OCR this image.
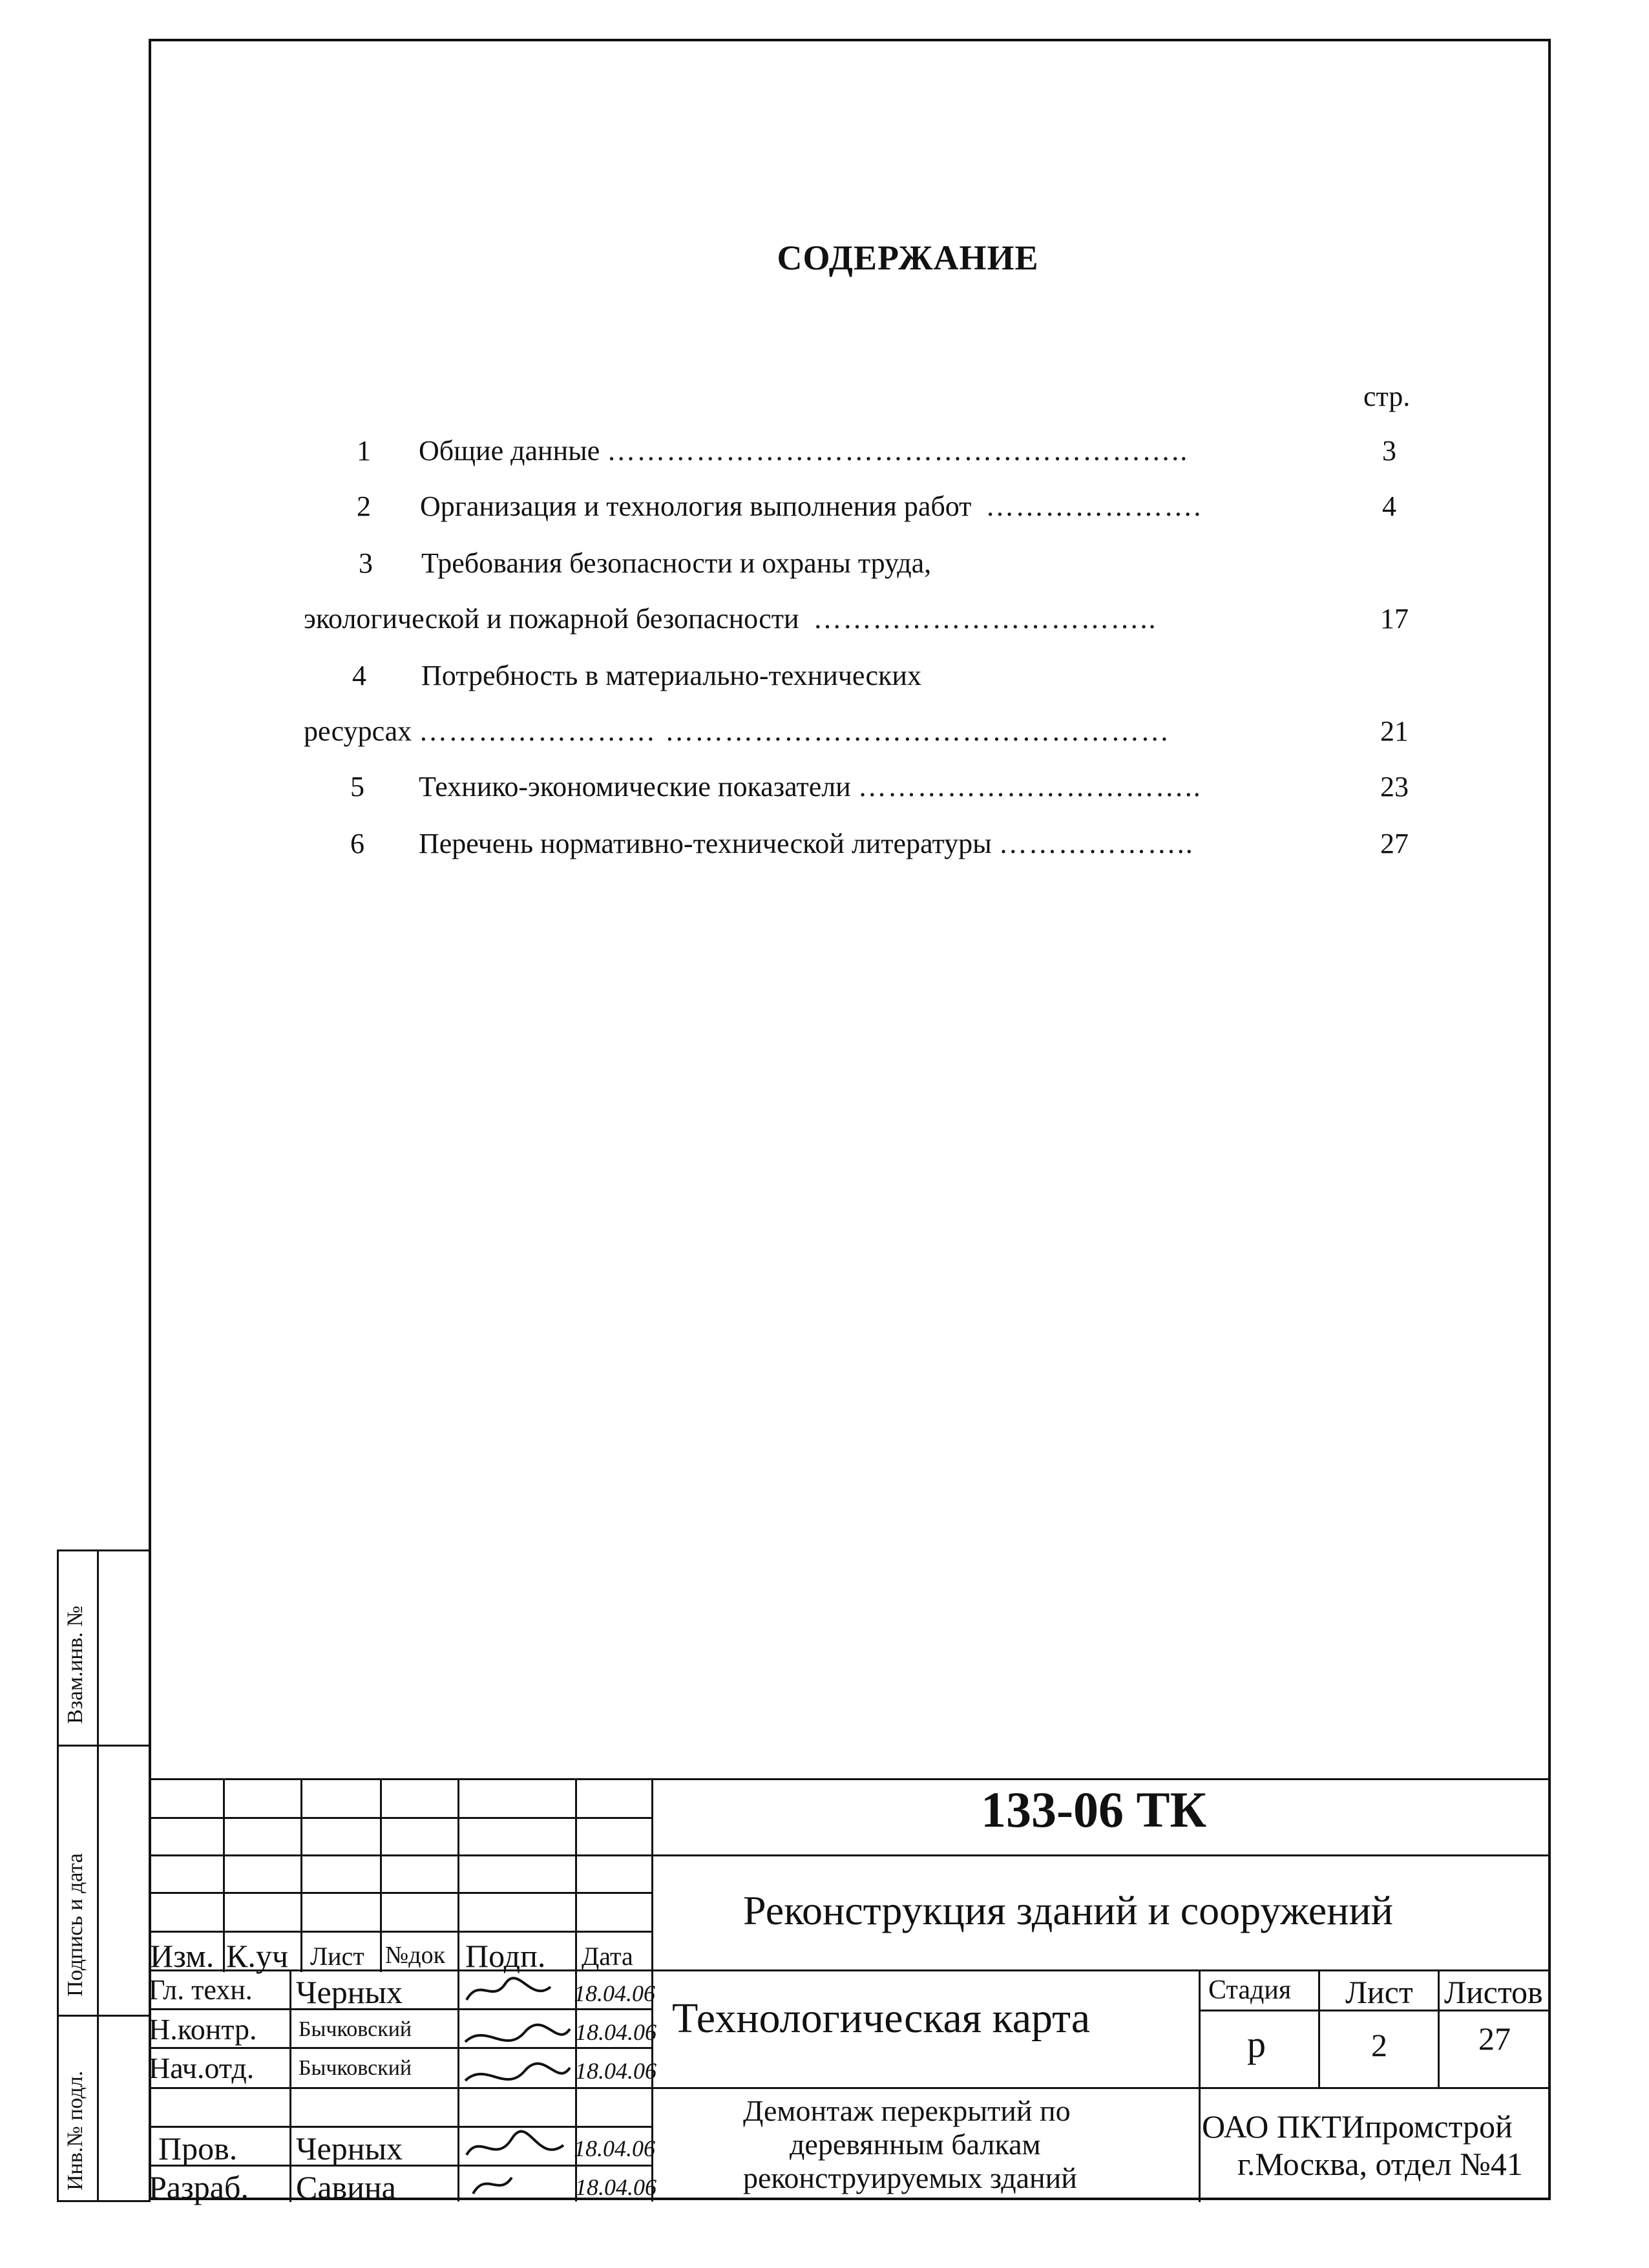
СОДЕРЖАНИЕ
стр.
1 Общие данные …………………………………………………..	3
2 Организация и технология выполнения работ ………………….	4
3 Требования безопасности и охраны труда,
экологической и пожарной безопасности ……………………………..	17
4 Потребность в материально-технических
ресурсах …………………… ……………………………………………	21
5 Технико-экономические показатели ……………………………..	23
6 Перечень нормативно-технической литературы ………………..	27
Взам.инв. №
Подпись и дата
Инв.№ подл.
133-06 ТК
Реконструкция зданий и сооружений
Изм. К.уч Лист №док Подп. Дата
Гл. техн. Черных	18.04.06
Н.контр. Бычковский	18.04.06
Нач.отд. Бычковский	18.04.06
Пров. Черных	18.04.06
Разраб. Савина	18.04.06
Технологическая карта
Демонтаж перекрытий по
деревянным балкам
реконструируемых зданий
Стадия Лист Листов
р	2	27
ОАО ПКТИпромстрой
г.Москва, отдел №41
